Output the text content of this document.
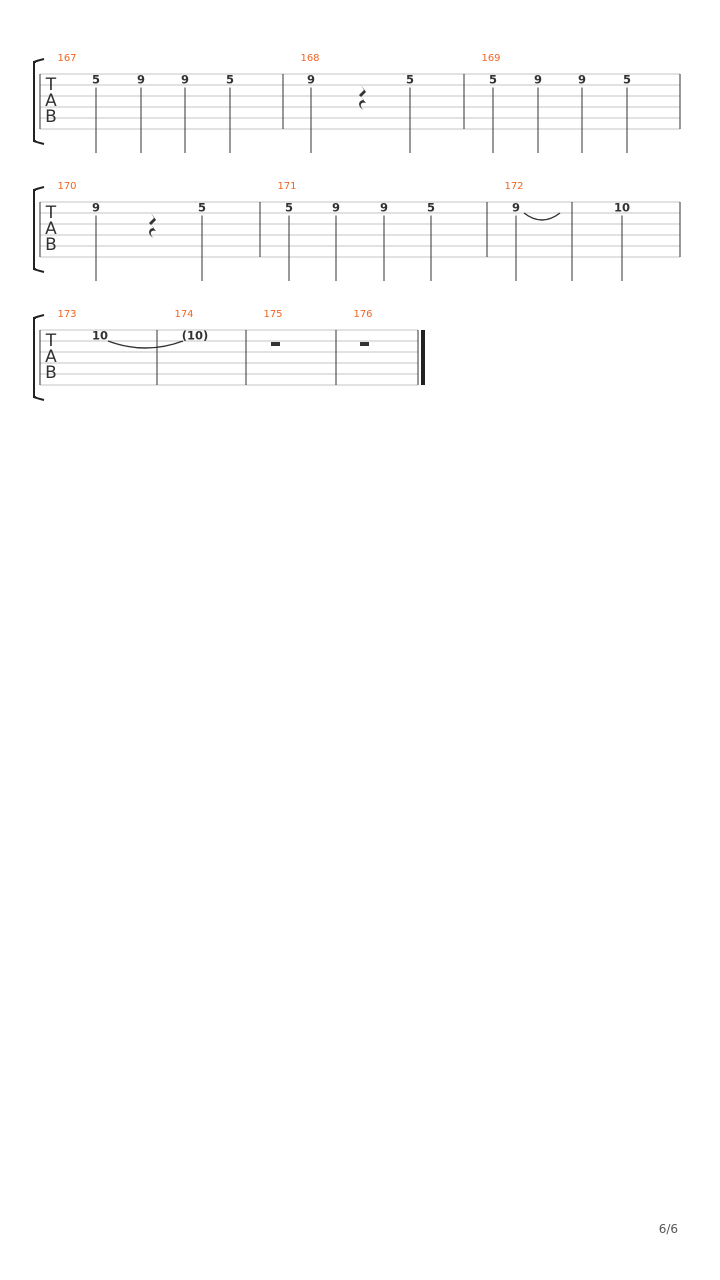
T
A
B
167
5	9	9	5
168
9	5
169
5	9	9	5
T
A
B
170
9	5
171
5	9	9	5
172
9	10
T
A
B
173
10
174
(10)
175	176
6/6
